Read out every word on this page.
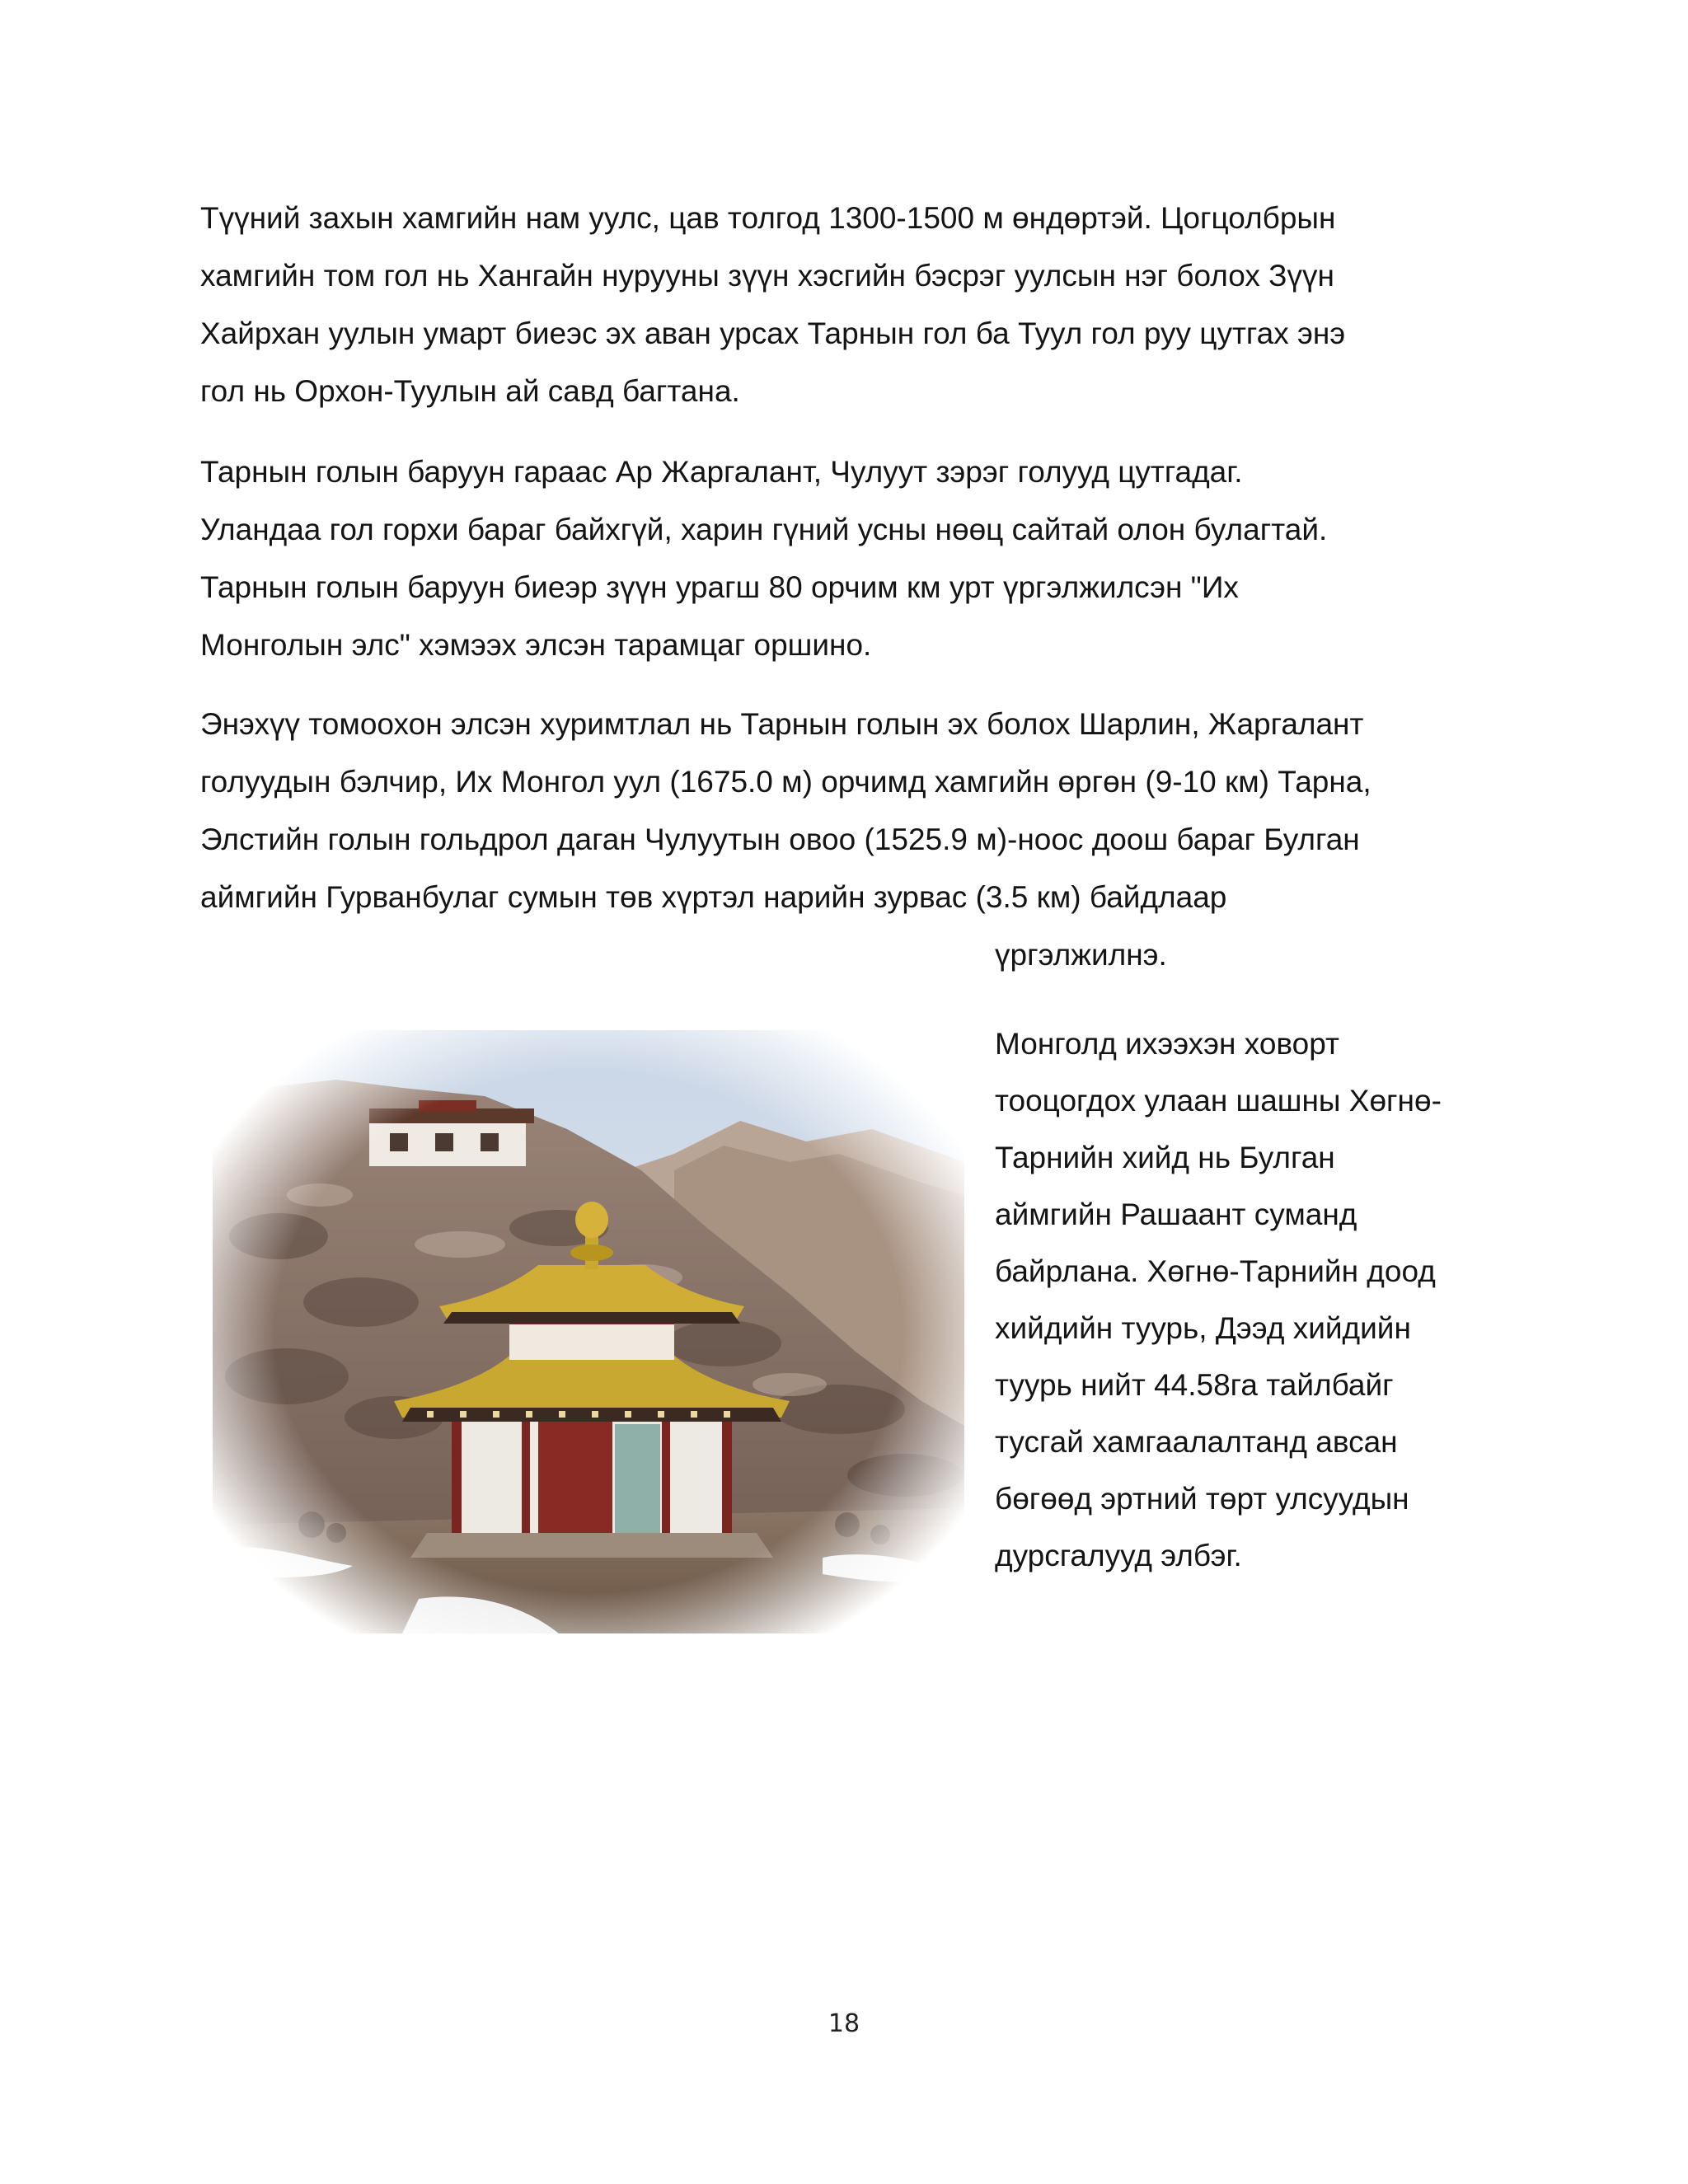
Түүний захын хамгийн нам уулс, цав толгод 1300-1500 м өндөртэй. Цогцолбрын
хамгийн том гол нь Хангайн нурууны зүүн хэсгийн бэсрэг уулсын нэг болох Зүүн
Хайрхан уулын умарт биеэс эх аван урсах Тарнын гол ба Туул гол руу цутгах энэ
гол нь Орхон-Туулын ай савд багтана.

Тарнын голын баруун гараас Ар Жаргалант, Чулуут зэрэг голууд цутгадаг.
Уландаа гол горхи бараг байхгүй, харин гүний усны нөөц сайтай олон булагтай.
Тарнын голын баруун биеэр зүүн урагш 80 орчим км урт үргэлжилсэн "Их
Монголын элс" хэмээх элсэн тарамцаг оршино.

Энэхүү томоохон элсэн хуримтлал нь Тарнын голын эх болох Шарлин, Жаргалант
голуудын бэлчир, Их Монгол уул (1675.0 м) орчимд хамгийн өргөн (9-10 км) Тарна,
Элстийн голын гольдрол даган Чулуутын овоо (1525.9 м)-ноос доош бараг Булган
аймгийн Гурванбулаг сумын төв хүртэл нарийн зурвас (3.5 км) байдлаар

үргэлжилнэ.

Монголд ихээхэн ховорт
тооцогдох улаан шашны Хөгнө-
Тарнийн хийд нь Булган
аймгийн Рашаант суманд
байрлана. Хөгнө-Тарнийн доод
хийдийн туурь, Дээд хийдийн
туурь нийт 44.58га тайлбайг
тусгай хамгаалалтанд авсан
бөгөөд эртний төрт улсуудын
дурсгалууд элбэг.

18
